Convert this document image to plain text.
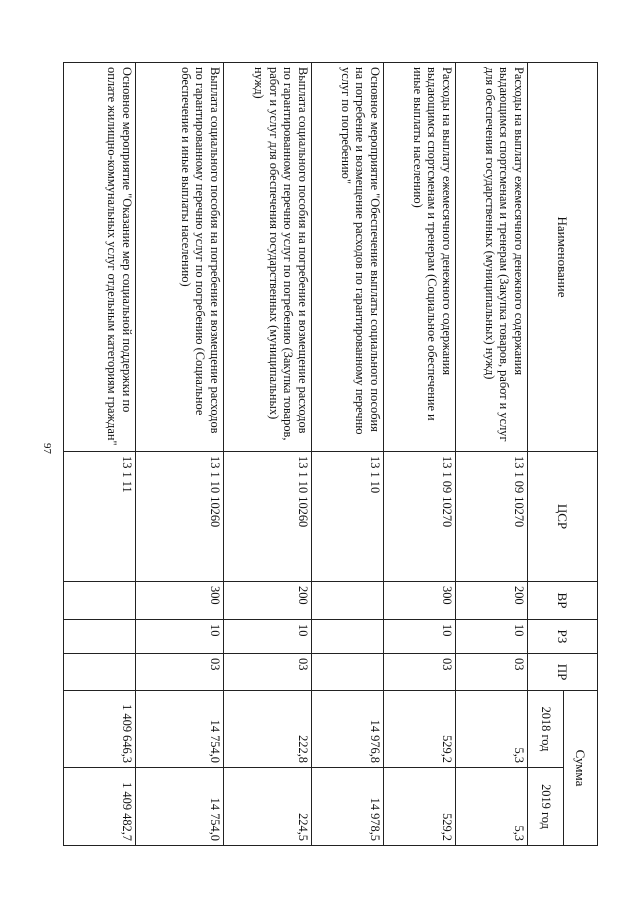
97
Наименование	ЦСР	ВР	РЗ	ПР	Сумма	
					2018 год	2019 год
Расходы на выплату ежемесячного денежного содержания выдающимся спортсменам и тренерам (Закупка товаров, работ и услуг для обеспечения государственных (муниципальных) нужд)	13 1 09 10270	200	10	03	5,3	5,3
Расходы на выплату ежемесячного денежного содержания выдающимся спортсменам и тренерам (Социальное обеспечение и иные выплаты населению)	13 1 09 10270	300	10	03	529,2	529,2
Основное мероприятие "Обеспечение выплаты социального пособия на погребение и возмещение расходов по гарантированному перечню услуг по погребению"	13 1 10				14 976,8	14 978,5
Выплата социального пособия на погребение и возмещение расходов по гарантированному перечню услуг по погребению (Закупка товаров, работ и услуг для обеспечения государственных (муниципальных) нужд)	13 1 10 10260	200	10	03	222,8	224,5
Выплата социального пособия на погребение и возмещение расходов по гарантированному перечню услуг по погребению (Социальное обеспечение и иные выплаты населению)	13 1 10 10260	300	10	03	14 754,0	14 754,0
Основное мероприятие "Оказание мер социальной поддержки по оплате жилищно-коммунальных услуг отдельным категориям граждан"	13 1 11				1 409 646,3	1 409 482,7
